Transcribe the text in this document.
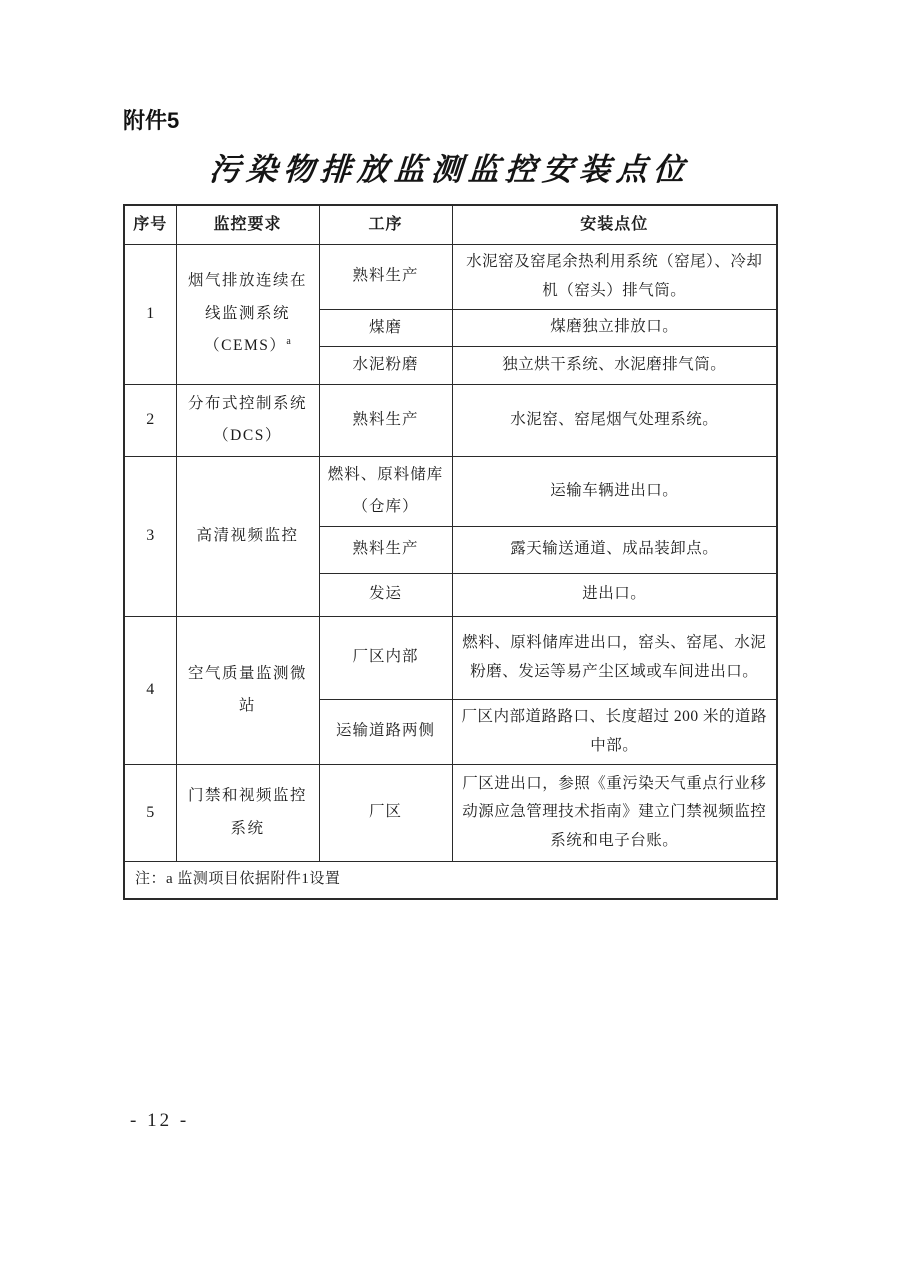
附件5
污染物排放监测监控安装点位
序号	监控要求	工序	安装点位
1	烟气排放连续在线监测系统（CEMS）$^a$	熟料生产	水泥窑及窑尾余热利用系统（窑尾）、冷却机（窑头）排气筒。
		煤磨	煤磨独立排放口。
		水泥粉磨	独立烘干系统、水泥磨排气筒。
2	分布式控制系统（DCS）	熟料生产	水泥窑、窑尾烟气处理系统。
3	高清视频监控	燃料、原料储库（仓库）	运输车辆进出口。
		熟料生产	露天输送通道、成品装卸点。
		发运	进出口。
4	空气质量监测微站	厂区内部	燃料、原料储库进出口，窑头、窑尾、水泥粉磨、发运等易产尘区域或车间进出口。
		运输道路两侧	厂区内部道路路口、长度超过 200 米的道路中部。
5	门禁和视频监控系统	厂区	厂区进出口，参照《重污染天气重点行业移动源应急管理技术指南》建立门禁视频监控系统和电子台账。
注：a 监测项目依据附件1设置			
- 12 -
